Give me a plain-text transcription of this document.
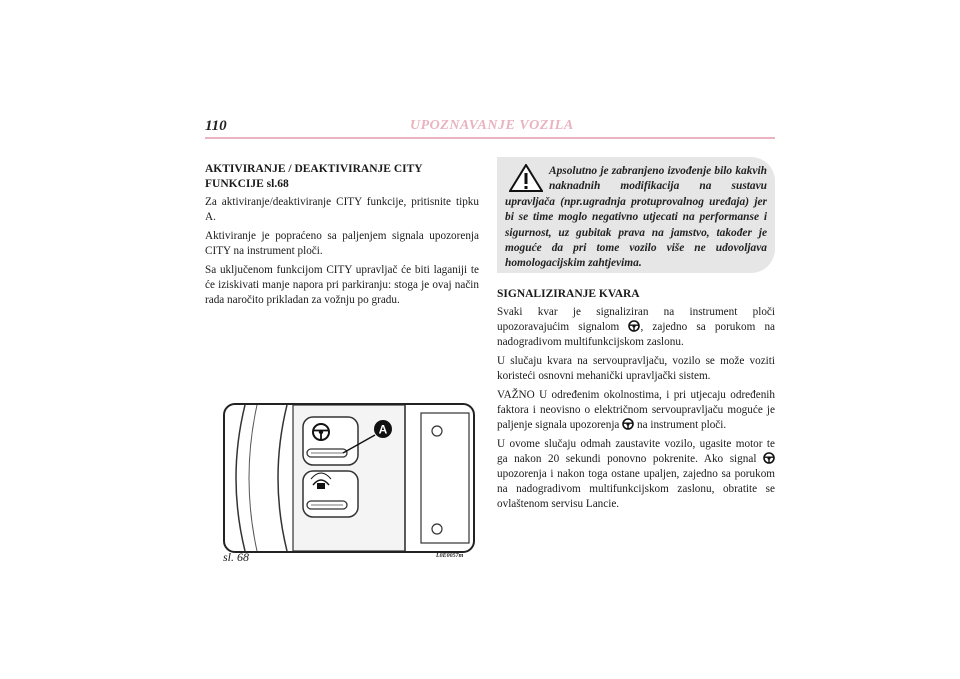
110	UPOZNAVANJE VOZILA
AKTIVIRANJE / DEAKTIVIRANJE CITY FUNKCIJE sl.68

Za aktiviranje/deaktiviranje CITY funkcije, pritisnite tipku A.

Aktiviranje je popraćeno sa paljenjem signala upozorenja CITY na instrument ploči.

Sa uključenom funkcijom CITY upravljač će biti laganiji te će iziskivati manje napora pri parkiranju: stoga je ovaj način rada naročito prikladan za vožnju po gradu.

Apsolutno je zabranjeno izvođenje bilo kakvih naknadnih modifikacija na sustavu upravljača (npr.ugradnja protuprovalnog uređaja) jer bi se time moglo negativno utjecati na performanse i sigurnost, uz gubitak prava na jamstvo, također je moguće da pri tome vozilo više ne udovoljava homologacijskim zahtjevima.
SIGNALIZIRANJE KVARA

Svaki kvar je signaliziran na instrument ploči upozoravajućim signalom , zajedno sa porukom na nadogradivom multifunkcijskom zaslonu.

U slučaju kvara na servoupravljaču, vozilo se može voziti koristeći osnovni mehanički upravljački sistem.

VAŽNO U određenim okolnostima, i pri utjecaju određenih faktora i neovisno o električnom servoupravljaču moguće je paljenje signala upozorenja na instrument ploči.

U ovome slučaju odmah zaustavite vozilo, ugasite motor te ga nakon 20 sekundi ponovno pokrenite. Ako signal  upozorenja i nakon toga ostane upaljen, zajedno sa porukom na nadogradivom multifunkcijskom zaslonu, obratite se ovlaštenom servisu Lancie.

A
sl. 68	L0E0057m
